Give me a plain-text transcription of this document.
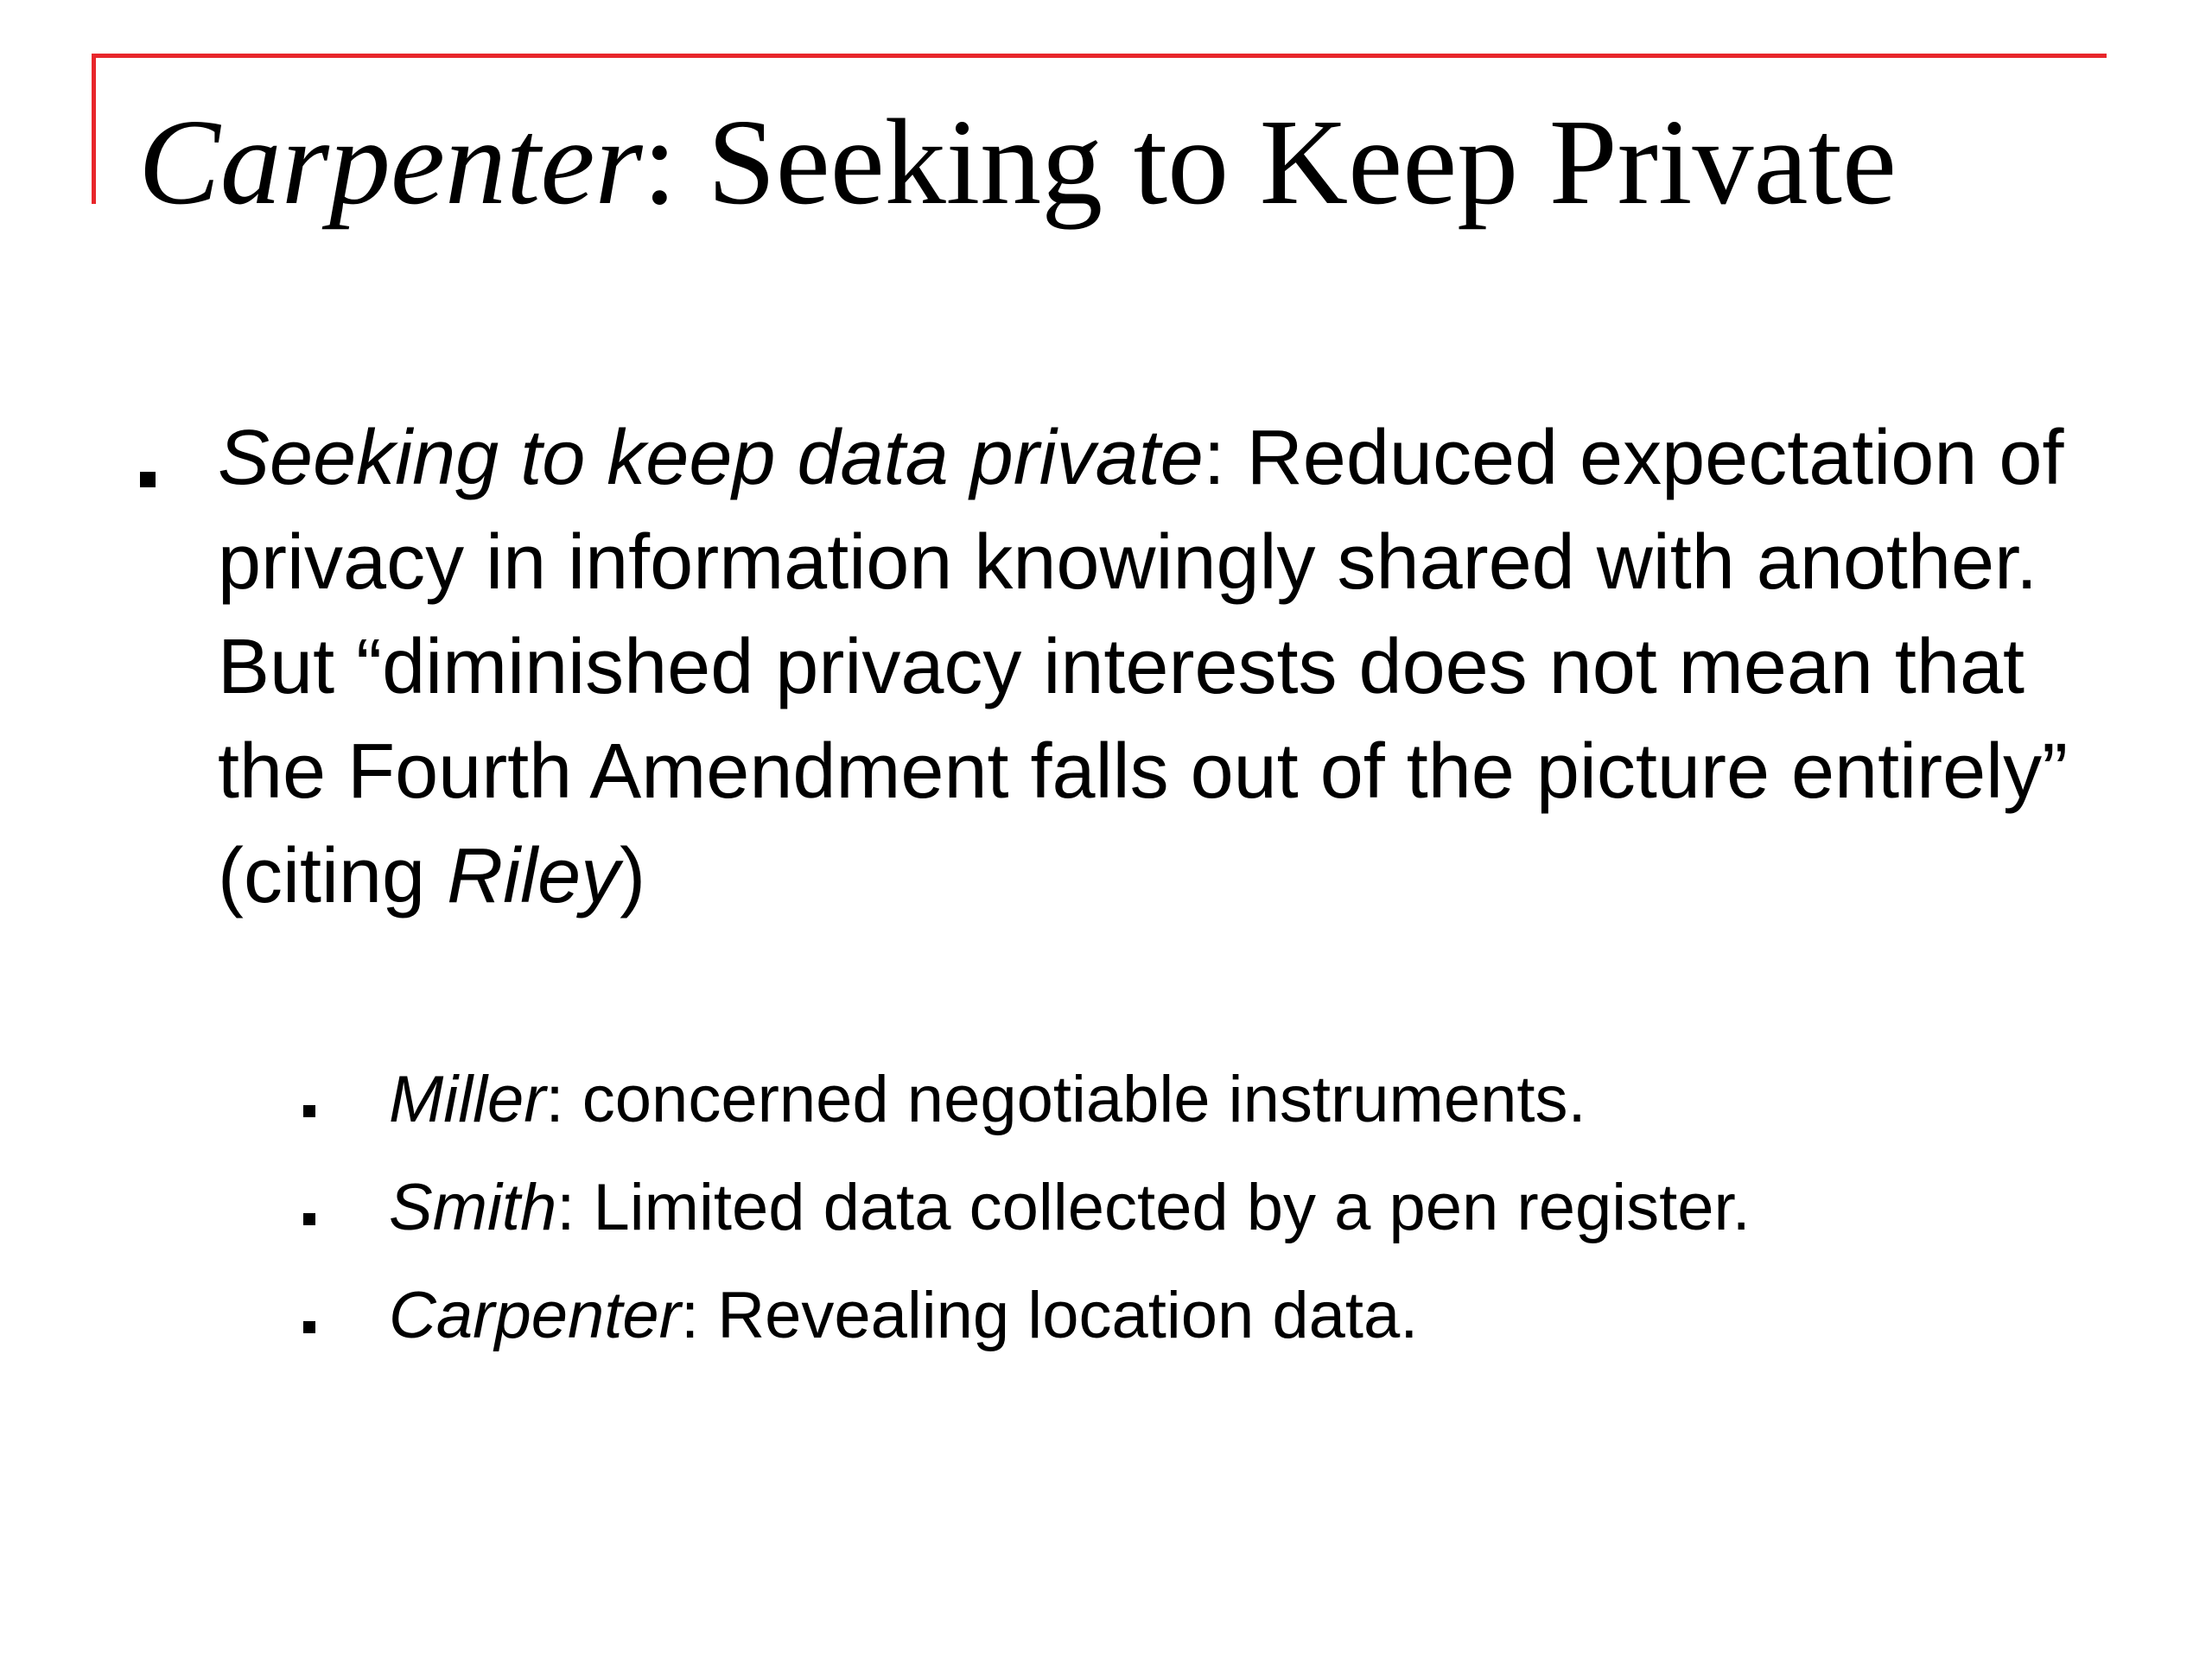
Carpenter: Seeking to Keep Private

Seeking to keep data private: Reduced expectation of privacy in information knowingly shared with another. But “diminished privacy interests does not mean that the Fourth Amendment falls out of the picture entirely” (citing Riley)

Miller: concerned negotiable instruments.

Smith: Limited data collected by a pen register.

Carpenter: Revealing location data.
